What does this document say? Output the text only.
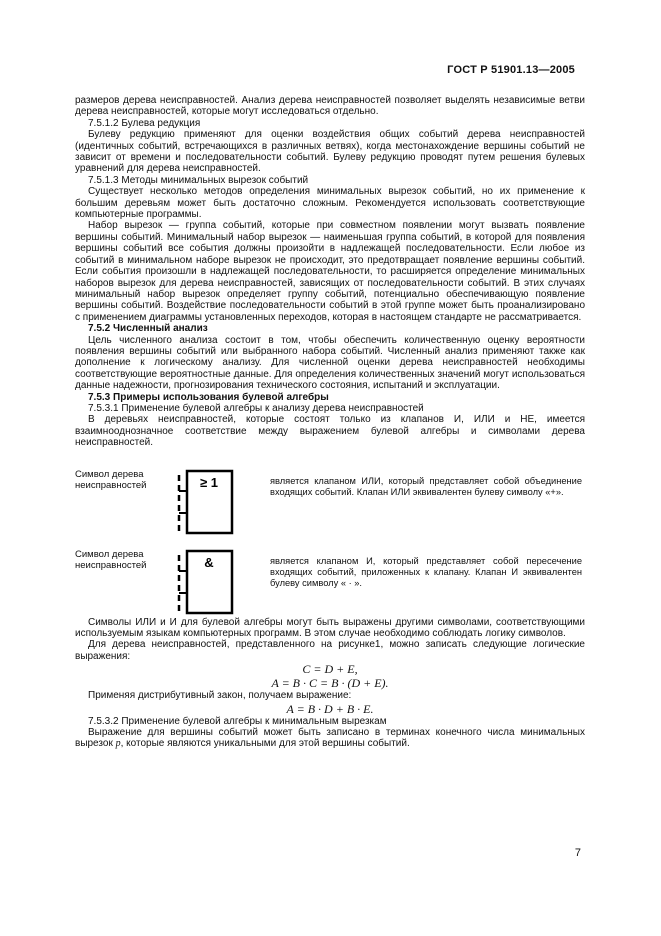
ГОСТ Р 51901.13—2005

размеров дерева неисправностей. Анализ дерева неисправностей позволяет выделять независимые ветви дерева неисправностей, которые могут исследоваться отдельно.

7.5.1.2 Булева редукция

Булеву редукцию применяют для оценки воздействия общих событий дерева неисправностей (идентичных событий, встречающихся в различных ветвях), когда местонахождение вершины событий не зависит от времени и последовательности событий. Булеву редукцию проводят путем решения булевых уравнений для дерева неисправностей.

7.5.1.3 Методы минимальных вырезок событий

Существует несколько методов определения минимальных вырезок событий, но их применение к большим деревьям может быть достаточно сложным. Рекомендуется использовать соответствующие компьютерные программы.

Набор вырезок — группа событий, которые при совместном появлении могут вызвать появление вершины событий. Минимальный набор вырезок — наименьшая группа событий, в которой для появления вершины событий все события должны произойти в надлежащей последовательности. Если любое из событий в минимальном наборе вырезок не происходит, это предотвращает появление вершины событий. Если события произошли в надлежащей последовательности, то расширяется определение минимальных наборов вырезок для дерева неисправностей, зависящих от последовательности событий. В этих случаях минимальный набор вырезок определяет группу событий, потенциально обеспечивающую появление вершины событий. Воздействие последовательности событий в этой группе может быть проанализировано с применением диаграммы установленных переходов, которая в настоящем стандарте не рассматривается.

7.5.2 Численный анализ

Цель численного анализа состоит в том, чтобы обеспечить количественную оценку вероятности появления вершины событий или выбранного набора событий. Численный анализ применяют также как дополнение к логическому анализу. Для численной оценки дерева неисправностей необходимы соответствующие вероятностные данные. Для определения количественных значений могут использоваться данные надежности, прогнозирования технического состояния, испытаний и эксплуатации.

7.5.3 Примеры использования булевой алгебры

7.5.3.1 Применение булевой алгебры к анализу дерева неисправностей

В деревьях неисправностей, которые состоят только из клапанов И, ИЛИ и НЕ, имеется взаимнооднозначное соответствие между выражением булевой алгебры и символами дерева неисправностей.

Символ дерева неисправностей	≥ 1	является клапаном ИЛИ, который представляет собой объединение входящих событий. Клапан ИЛИ эквивалентен булеву символу «+».
Символ дерева неисправностей	&	является клапаном И, который представляет собой пересечение входящих событий, приложенных к клапану. Клапан И эквивалентен булеву символу « · ».

Символы ИЛИ и И для булевой алгебры могут быть выражены другими символами, соответствующими используемым языкам компьютерных программ. В этом случае необходимо соблюдать логику символов.

Для дерева неисправностей, представленного на рисунке1, можно записать следующие логические выражения:

C = D + E,

A = B · C = B · (D + E).

Применяя дистрибутивный закон, получаем выражение:

A = B · D + B · E.

7.5.3.2 Применение булевой алгебры к минимальным вырезкам

Выражение для вершины событий может быть записано в терминах конечного числа минимальных вырезок p, которые являются уникальными для этой вершины событий.

7
